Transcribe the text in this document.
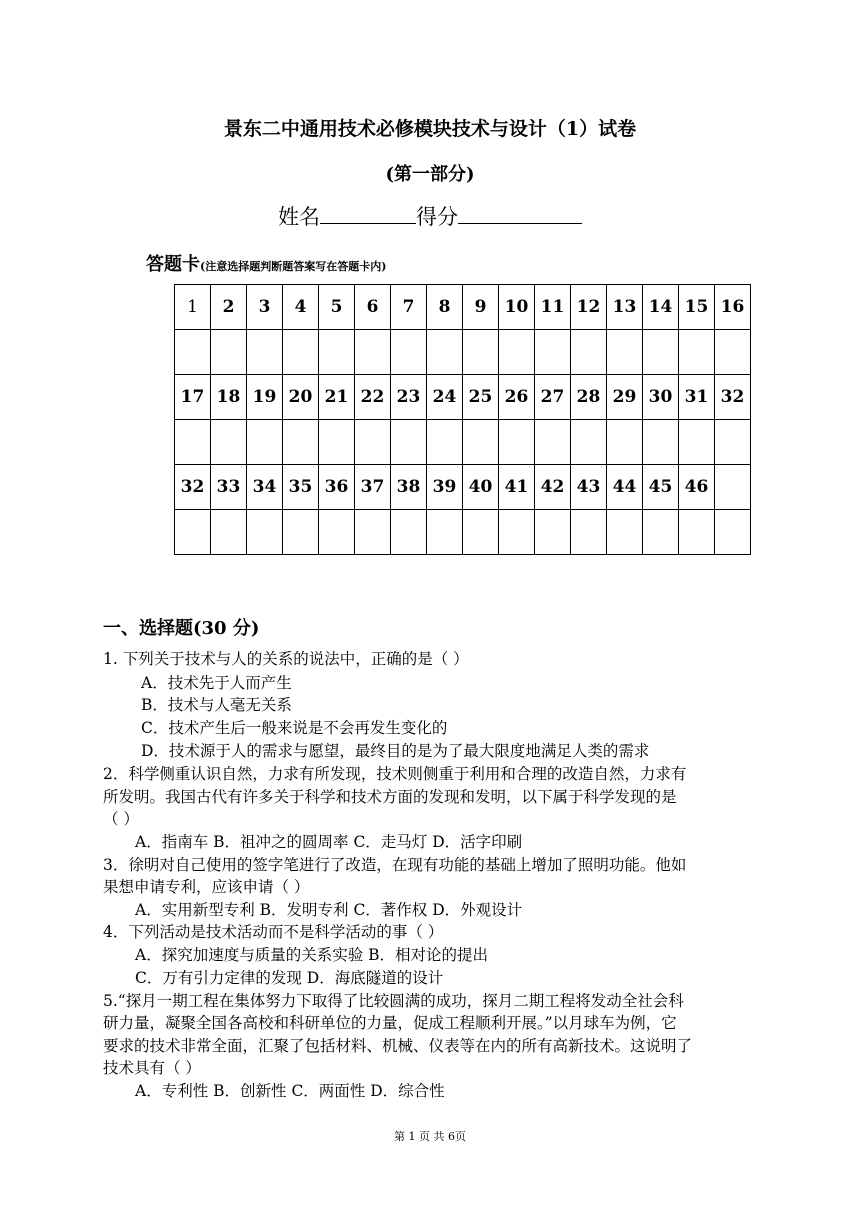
景东二中通用技术必修模块技术与设计（1）试卷
(第一部分)
姓名	得分
答题卡(注意选择题判断题答案写在答题卡内)
1	2	3	4	5	6	7	8	9	10	11	12	13	14	15	16

17	18	19	20	21	22	23	24	25	26	27	28	29	30	31	32

32	33	34	35	36	37	38	39	40	41	42	43	44	45	46	

一、选择题(30 分)
1. 下列关于技术与人的关系的说法中，正确的是（ ）
A．技术先于人而产生
B．技术与人毫无关系
C．技术产生后一般来说是不会再发生变化的
D．技术源于人的需求与愿望，最终目的是为了最大限度地满足人类的需求
2．科学侧重认识自然，力求有所发现，技术则侧重于利用和合理的改造自然，力求有
所发明。我国古代有许多关于科学和技术方面的发现和发明，以下属于科学发现的是
（ ）
A．指南车 B．祖冲之的圆周率 C．走马灯 D．活字印刷
3．徐明对自己使用的签字笔进行了改造，在现有功能的基础上增加了照明功能。他如
果想申请专利，应该申请（ ）
A．实用新型专利 B．发明专利 C．著作权 D．外观设计
4．下列活动是技术活动而不是科学活动的事（ ）
A．探究加速度与质量的关系实验 B．相对论的提出
C．万有引力定律的发现 D．海底隧道的设计
5.“探月一期工程在集体努力下取得了比较圆满的成功，探月二期工程将发动全社会科
研力量，凝聚全国各高校和科研单位的力量，促成工程顺利开展。”以月球车为例，它
要求的技术非常全面，汇聚了包括材料、机械、仪表等在内的所有高新技术。这说明了
技术具有（ ）
A．专利性 B．创新性 C．两面性 D．综合性
第 1 页 共 6页
